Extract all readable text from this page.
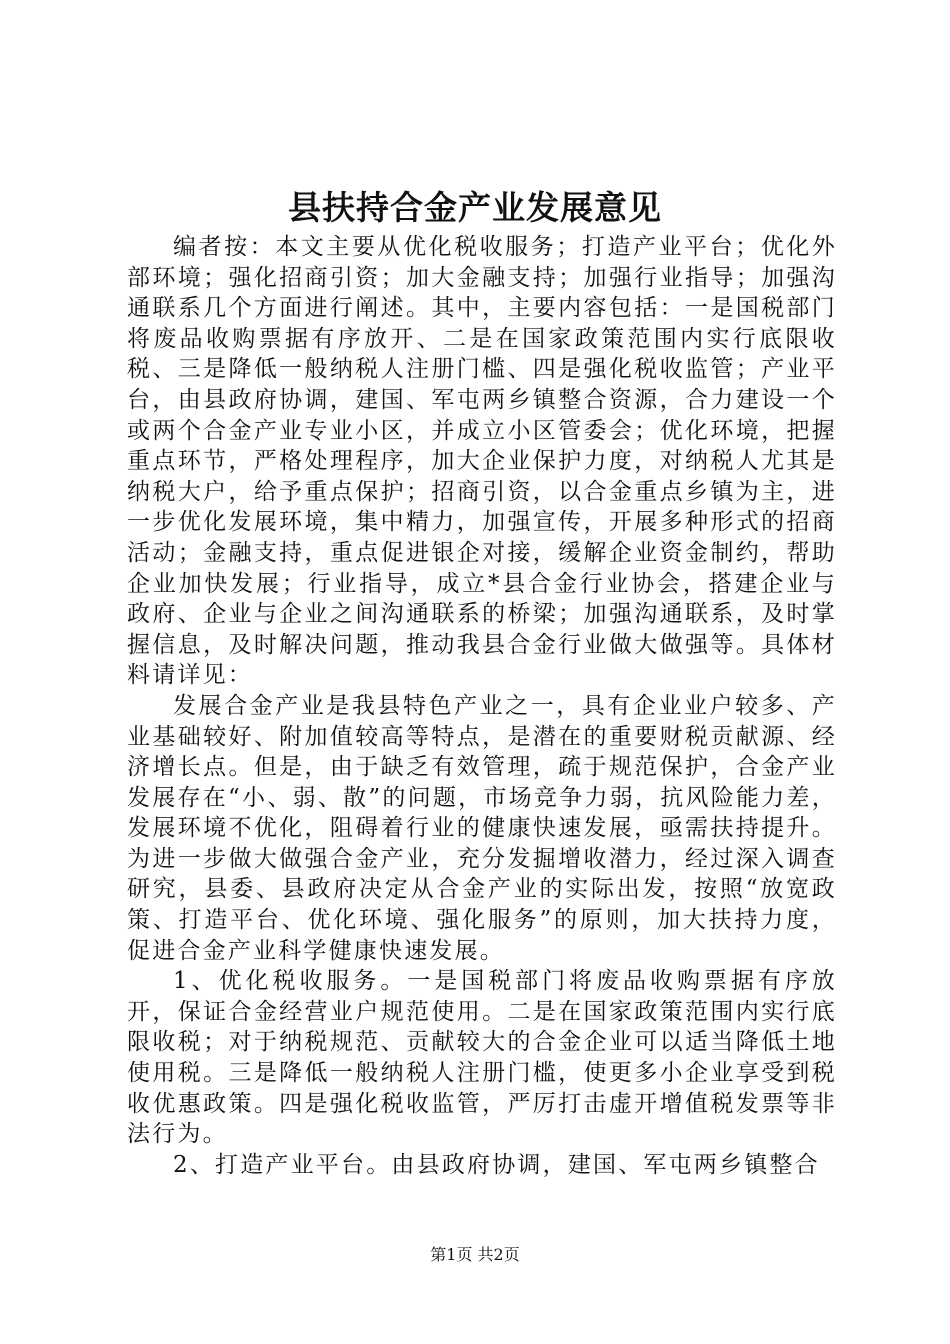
县扶持合金产业发展意见

编者按：本文主要从优化税收服务；打造产业平台；优化外部环境；强化招商引资；加大金融支持；加强行业指导；加强沟通联系几个方面进行阐述。其中，主要内容包括：一是国税部门将废品收购票据有序放开、二是在国家政策范围内实行底限收税、三是降低一般纳税人注册门槛、四是强化税收监管；产业平台，由县政府协调，建国、军屯两乡镇整合资源，合力建设一个或两个合金产业专业小区，并成立小区管委会；优化环境，把握重点环节，严格处理程序，加大企业保护力度，对纳税人尤其是纳税大户，给予重点保护；招商引资，以合金重点乡镇为主，进一步优化发展环境，集中精力，加强宣传，开展多种形式的招商活动；金融支持，重点促进银企对接，缓解企业资金制约，帮助企业加快发展；行业指导，成立*县合金行业协会，搭建企业与政府、企业与企业之间沟通联系的桥梁；加强沟通联系，及时掌握信息，及时解决问题，推动我县合金行业做大做强等。具体材料请详见：

发展合金产业是我县特色产业之一，具有企业业户较多、产业基础较好、附加值较高等特点，是潜在的重要财税贡献源、经济增长点。但是，由于缺乏有效管理，疏于规范保护，合金产业发展存在“小、弱、散”的问题，市场竞争力弱，抗风险能力差，发展环境不优化，阻碍着行业的健康快速发展，亟需扶持提升。为进一步做大做强合金产业，充分发掘增收潜力，经过深入调查研究，县委、县政府决定从合金产业的实际出发，按照“放宽政策、打造平台、优化环境、强化服务”的原则，加大扶持力度，促进合金产业科学健康快速发展。

1、优化税收服务。一是国税部门将废品收购票据有序放开，保证合金经营业户规范使用。二是在国家政策范围内实行底限收税；对于纳税规范、贡献较大的合金企业可以适当降低土地使用税。三是降低一般纳税人注册门槛，使更多小企业享受到税收优惠政策。四是强化税收监管，严厉打击虚开增值税发票等非法行为。

2、打造产业平台。由县政府协调，建国、军屯两乡镇整合

第1页 共2页
